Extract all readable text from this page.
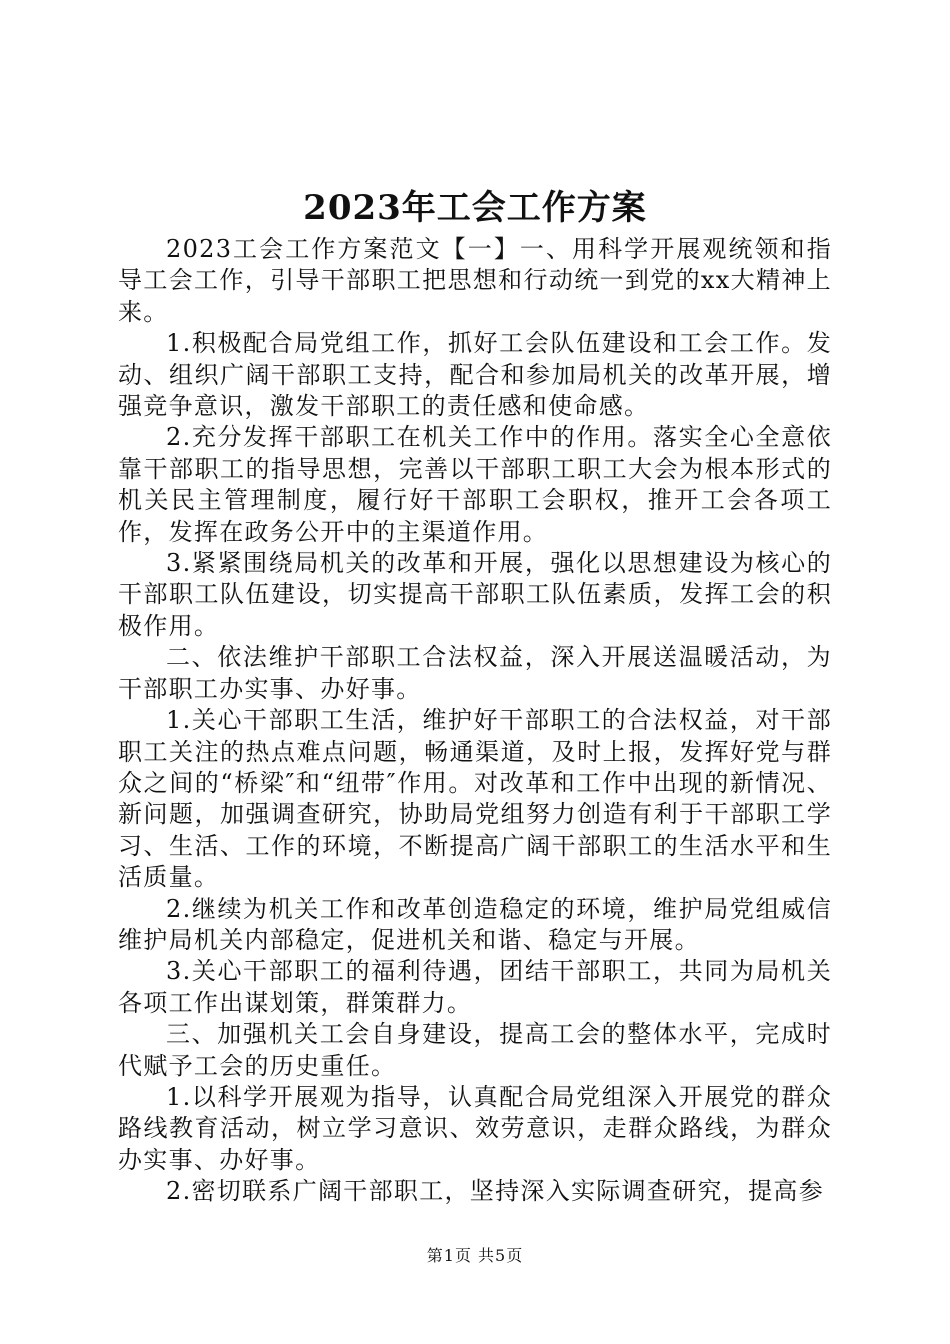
2023年工会工作方案

2023工会工作方案范文【一】一、用科学开展观统领和指导工会工作，引导干部职工把思想和行动统一到党的xx大精神上来。

1.积极配合局党组工作，抓好工会队伍建设和工会工作。发动、组织广阔干部职工支持，配合和参加局机关的改革开展，增强竞争意识，激发干部职工的责任感和使命感。

2.充分发挥干部职工在机关工作中的作用。落实全心全意依靠干部职工的指导思想，完善以干部职工职工大会为根本形式的机关民主管理制度，履行好干部职工会职权，推开工会各项工作，发挥在政务公开中的主渠道作用。

3.紧紧围绕局机关的改革和开展，强化以思想建设为核心的干部职工队伍建设，切实提高干部职工队伍素质，发挥工会的积极作用。

二、依法维护干部职工合法权益，深入开展送温暖活动，为干部职工办实事、办好事。

1.关心干部职工生活，维护好干部职工的合法权益，对干部职工关注的热点难点问题，畅通渠道，及时上报，发挥好党与群众之间的“桥梁″和“纽带″作用。对改革和工作中出现的新情况、新问题，加强调查研究，协助局党组努力创造有利于干部职工学习、生活、工作的环境，不断提高广阔干部职工的生活水平和生活质量。

2.继续为机关工作和改革创造稳定的环境，维护局党组威信维护局机关内部稳定，促进机关和谐、稳定与开展。

3.关心干部职工的福利待遇，团结干部职工，共同为局机关各项工作出谋划策，群策群力。

三、加强机关工会自身建设，提高工会的整体水平，完成时代赋予工会的历史重任。

1.以科学开展观为指导，认真配合局党组深入开展党的群众路线教育活动，树立学习意识、效劳意识，走群众路线，为群众办实事、办好事。

2.密切联系广阔干部职工，坚持深入实际调查研究，提高参

第1页 共5页
